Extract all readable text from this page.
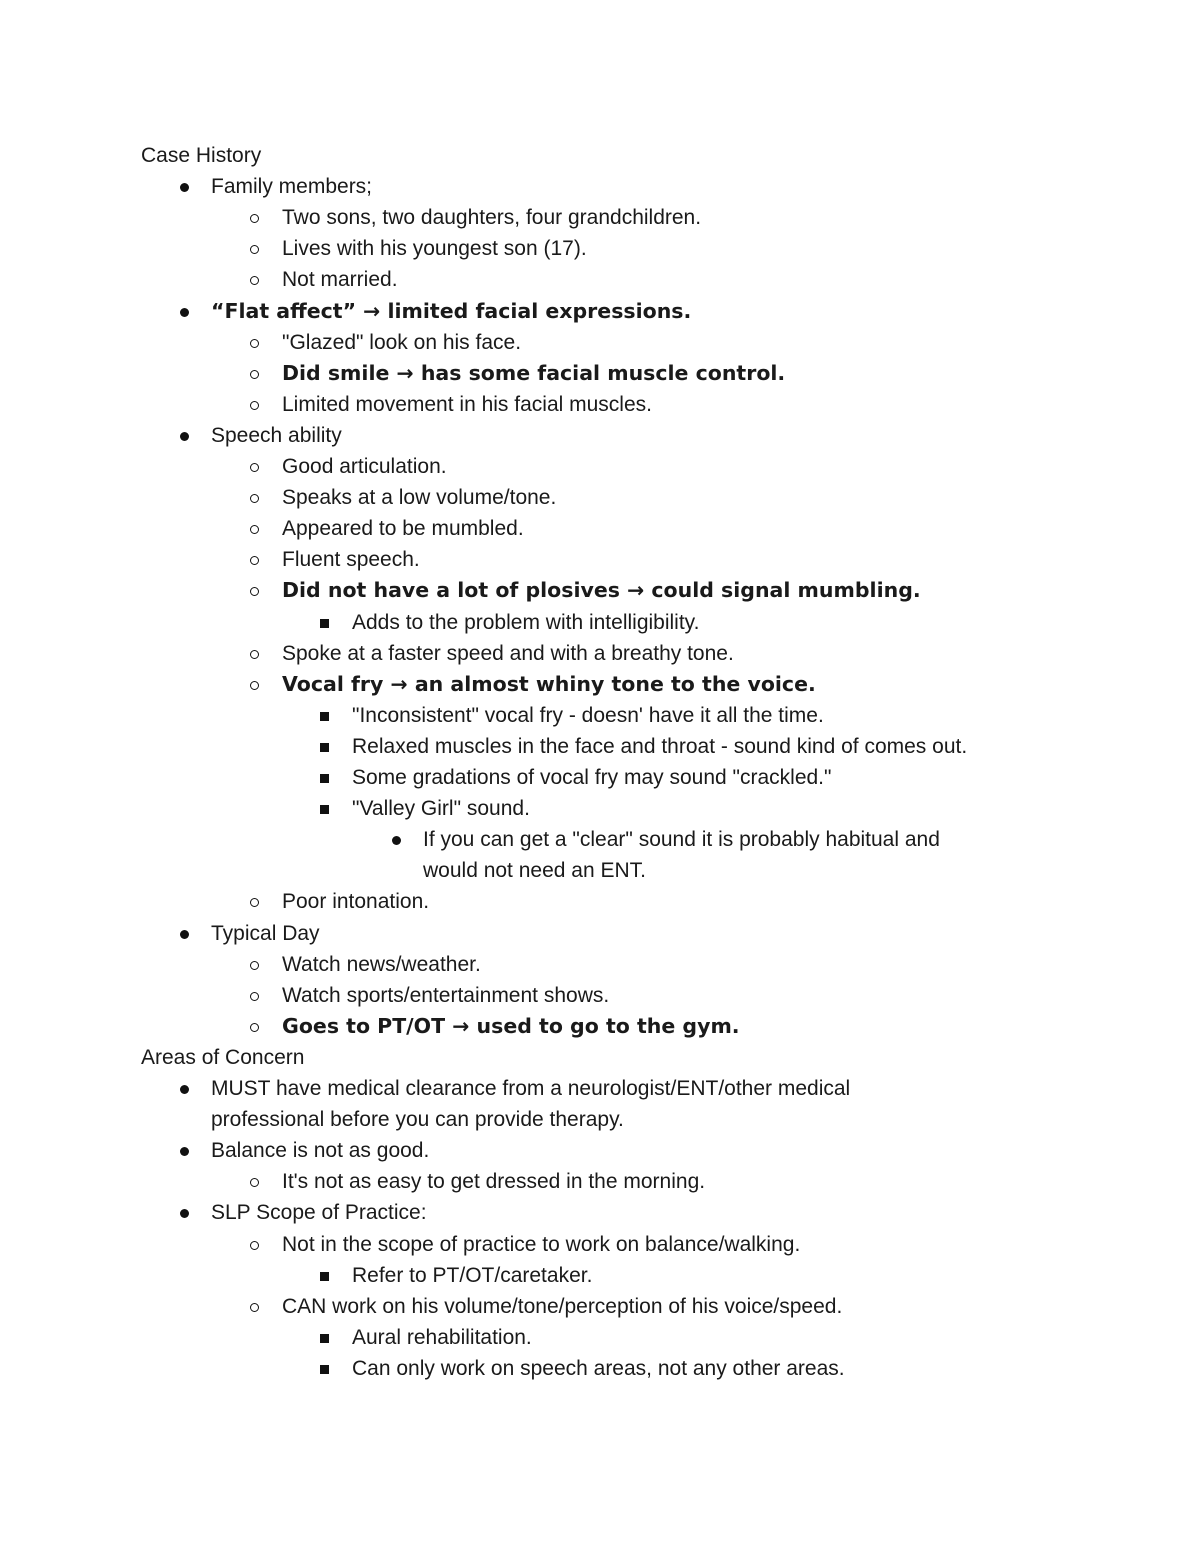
Case History
Family members;
Two sons, two daughters, four grandchildren.
Lives with his youngest son (17).
Not married.
“Flat affect” → limited facial expressions.
"Glazed" look on his face.
Did smile → has some facial muscle control.
Limited movement in his facial muscles.
Speech ability
Good articulation.
Speaks at a low volume/tone.
Appeared to be mumbled.
Fluent speech.
Did not have a lot of plosives → could signal mumbling.
Adds to the problem with intelligibility.
Spoke at a faster speed and with a breathy tone.
Vocal fry → an almost whiny tone to the voice.
"Inconsistent" vocal fry - doesn' have it all the time.
Relaxed muscles in the face and throat - sound kind of comes out.
Some gradations of vocal fry may sound "crackled."
"Valley Girl" sound.
If you can get a "clear" sound it is probably habitual and
would not need an ENT.
Poor intonation.
Typical Day
Watch news/weather.
Watch sports/entertainment shows.
Goes to PT/OT → used to go to the gym.
Areas of Concern
MUST have medical clearance from a neurologist/ENT/other medical
professional before you can provide therapy.
Balance is not as good.
It's not as easy to get dressed in the morning.
SLP Scope of Practice:
Not in the scope of practice to work on balance/walking.
Refer to PT/OT/caretaker.
CAN work on his volume/tone/perception of his voice/speed.
Aural rehabilitation.
Can only work on speech areas, not any other areas.
